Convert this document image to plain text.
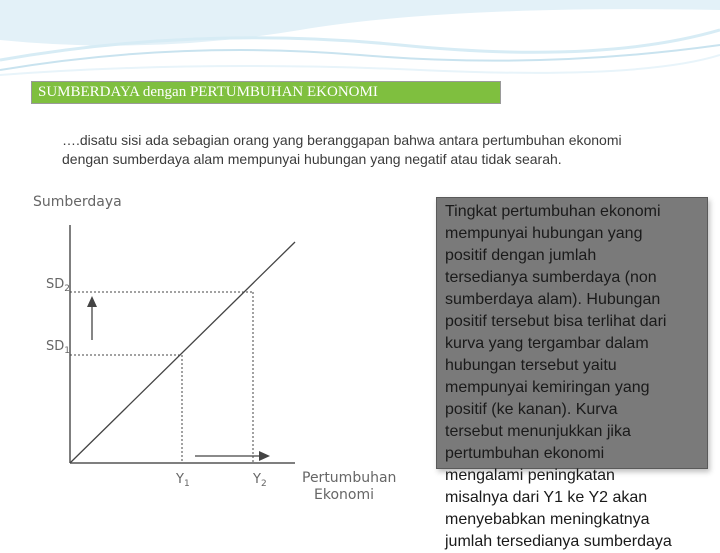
SUMBERDAYA dengan PERTUMBUHAN EKONOMI
….disatu sisi ada sebagian orang yang beranggapan bahwa antara pertumbuhan ekonomi dengan sumberdaya alam mempunyai hubungan yang negatif atau tidak searah.
Sumberdaya
$SD_2$
$SD_1$
$Y_1$	$Y_2$	Pertumbuhan
Ekonomi
Tingkat pertumbuhan ekonomi
mempunyai hubungan yang
positif dengan jumlah
tersedianya sumberdaya (non
sumberdaya alam). Hubungan
positif tersebut bisa terlihat dari
kurva yang tergambar dalam
hubungan tersebut yaitu
mempunyai kemiringan yang
positif (ke kanan). Kurva
tersebut menunjukkan jika
pertumbuhan ekonomi
mengalami peningkatan
misalnya dari Y1 ke Y2 akan
menyebabkan meningkatnya
jumlah tersedianya sumberdaya
